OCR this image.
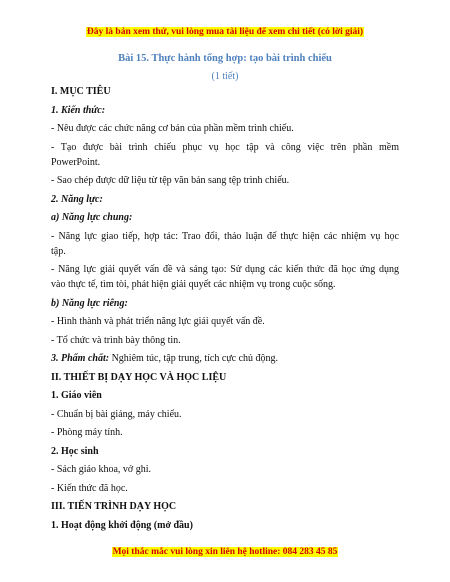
Đây là bản xem thử, vui lòng mua tài liệu để xem chi tiết (có lời giải)
Bài 15. Thực hành tổng hợp: tạo bài trình chiếu
(1 tiết)

I. MỤC TIÊU

1. Kiến thức:

- Nêu được các chức năng cơ bản của phần mềm trình chiếu.

- Tạo được bài trình chiếu phục vụ học tập và công việc trên phần mềm

PowerPoint.

- Sao chép được dữ liệu từ tệp văn bản sang tệp trình chiếu.

2. Năng lực:

a) Năng lực chung:

- Năng lực giao tiếp, hợp tác: Trao đổi, thảo luận để thực hiện các nhiệm vụ học

tập.

- Năng lực giải quyết vấn đề và sáng tạo: Sử dụng các kiến thức đã học ứng dụng

vào thực tế, tìm tòi, phát hiện giải quyết các nhiệm vụ trong cuộc sống.

b) Năng lực riêng:

- Hình thành và phát triển năng lực giải quyết vấn đề.

- Tổ chức và trình bày thông tin.

3. Phẩm chất: Nghiêm túc, tập trung, tích cực chủ động.

II. THIẾT BỊ DẠY HỌC VÀ HỌC LIỆU

1. Giáo viên

- Chuẩn bị bài giảng, máy chiếu.

- Phòng máy tính.

2. Học sinh

- Sách giáo khoa, vở ghi.

- Kiến thức đã học.

III. TIẾN TRÌNH DẠY HỌC

1. Hoạt động khởi động (mở đầu)

Mọi thắc mắc vui lòng xin liên hệ hotline: 084 283 45 85
